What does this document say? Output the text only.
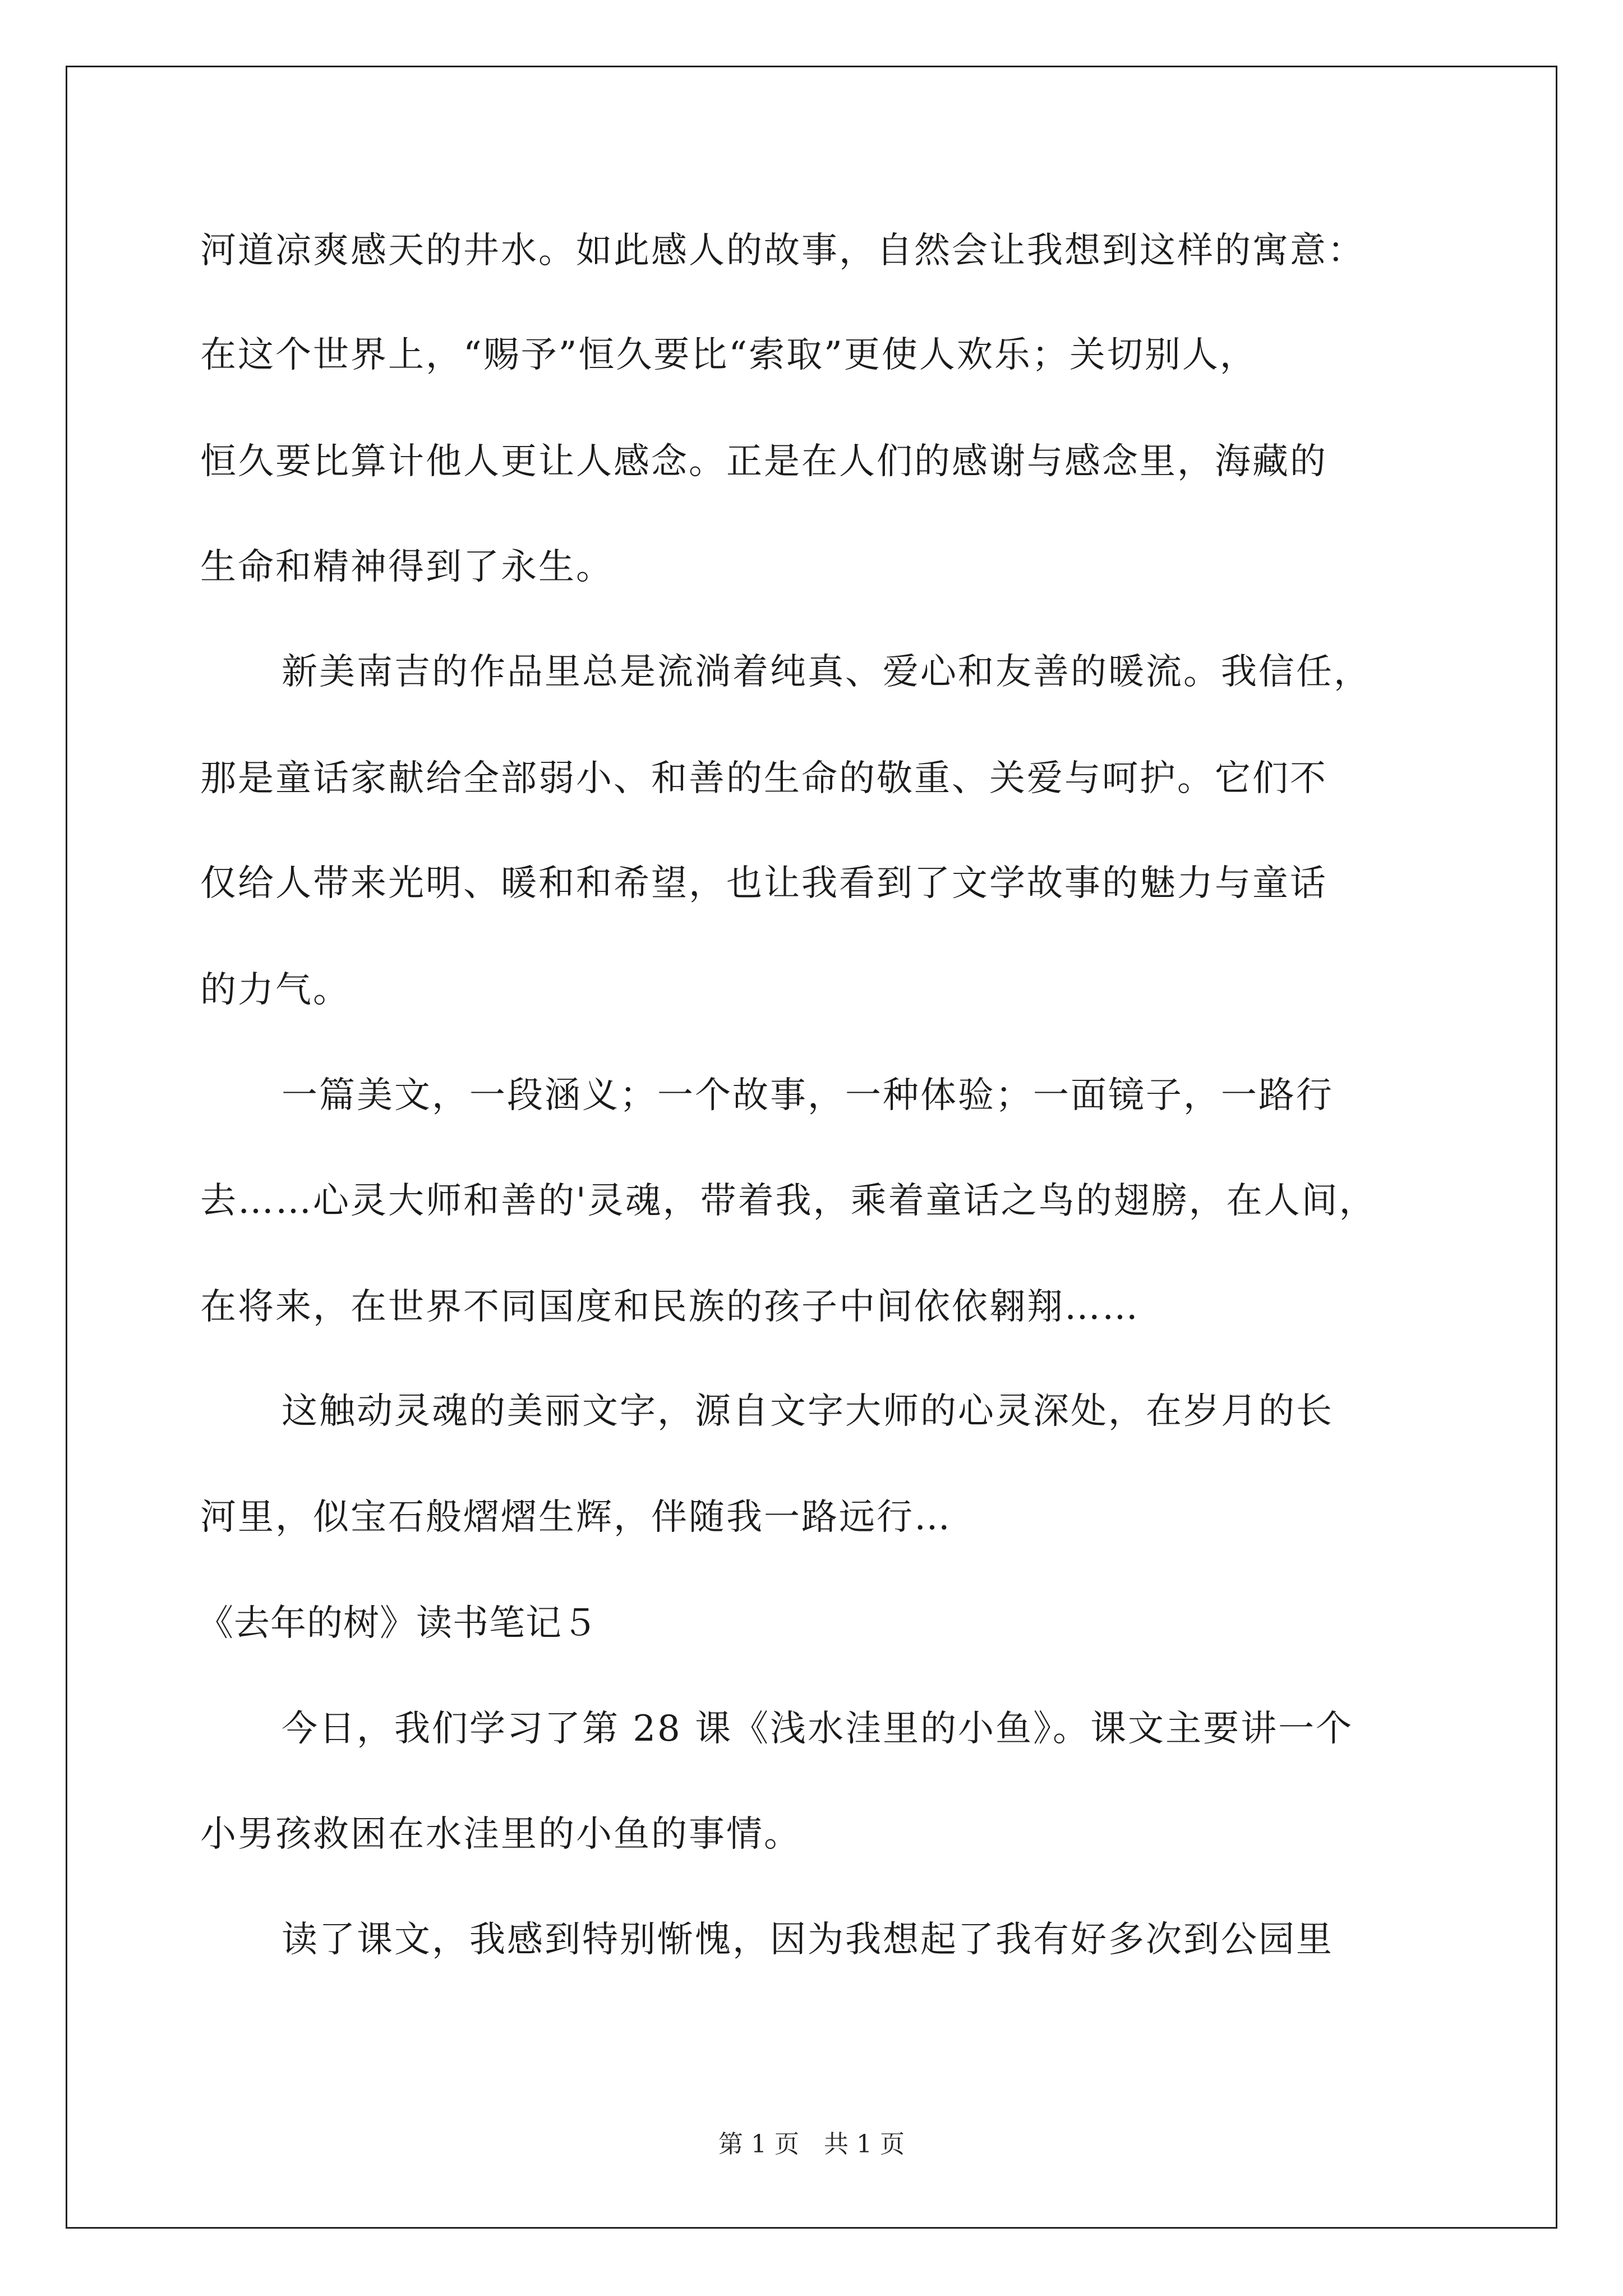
河道凉爽感天的井水。如此感人的故事，自然会让我想到这样的寓意：
在这个世界上，“赐予”恒久要比“索取”更使人欢乐；关切别人，
恒久要比算计他人更让人感念。正是在人们的感谢与感念里，海藏的
生命和精神得到了永生。
新美南吉的作品里总是流淌着纯真、爱心和友善的暖流。我信任，
那是童话家献给全部弱小、和善的生命的敬重、关爱与呵护。它们不
仅给人带来光明、暖和和希望，也让我看到了文学故事的魅力与童话
的力气。
一篇美文，一段涵义；一个故事，一种体验；一面镜子，一路行
去……心灵大师和善的'灵魂，带着我，乘着童话之鸟的翅膀，在人间，
在将来，在世界不同国度和民族的孩子中间依依翱翔……
这触动灵魂的美丽文字，源自文字大师的心灵深处，在岁月的长
河里，似宝石般熠熠生辉，伴随我一路远行…
《去年的树》读书笔记５
今日，我们学习了第 28 课《浅水洼里的小鱼》。课文主要讲一个
小男孩救困在水洼里的小鱼的事情。
读了课文，我感到特别惭愧，因为我想起了我有好多次到公园里
第 1 页　共 1 页
